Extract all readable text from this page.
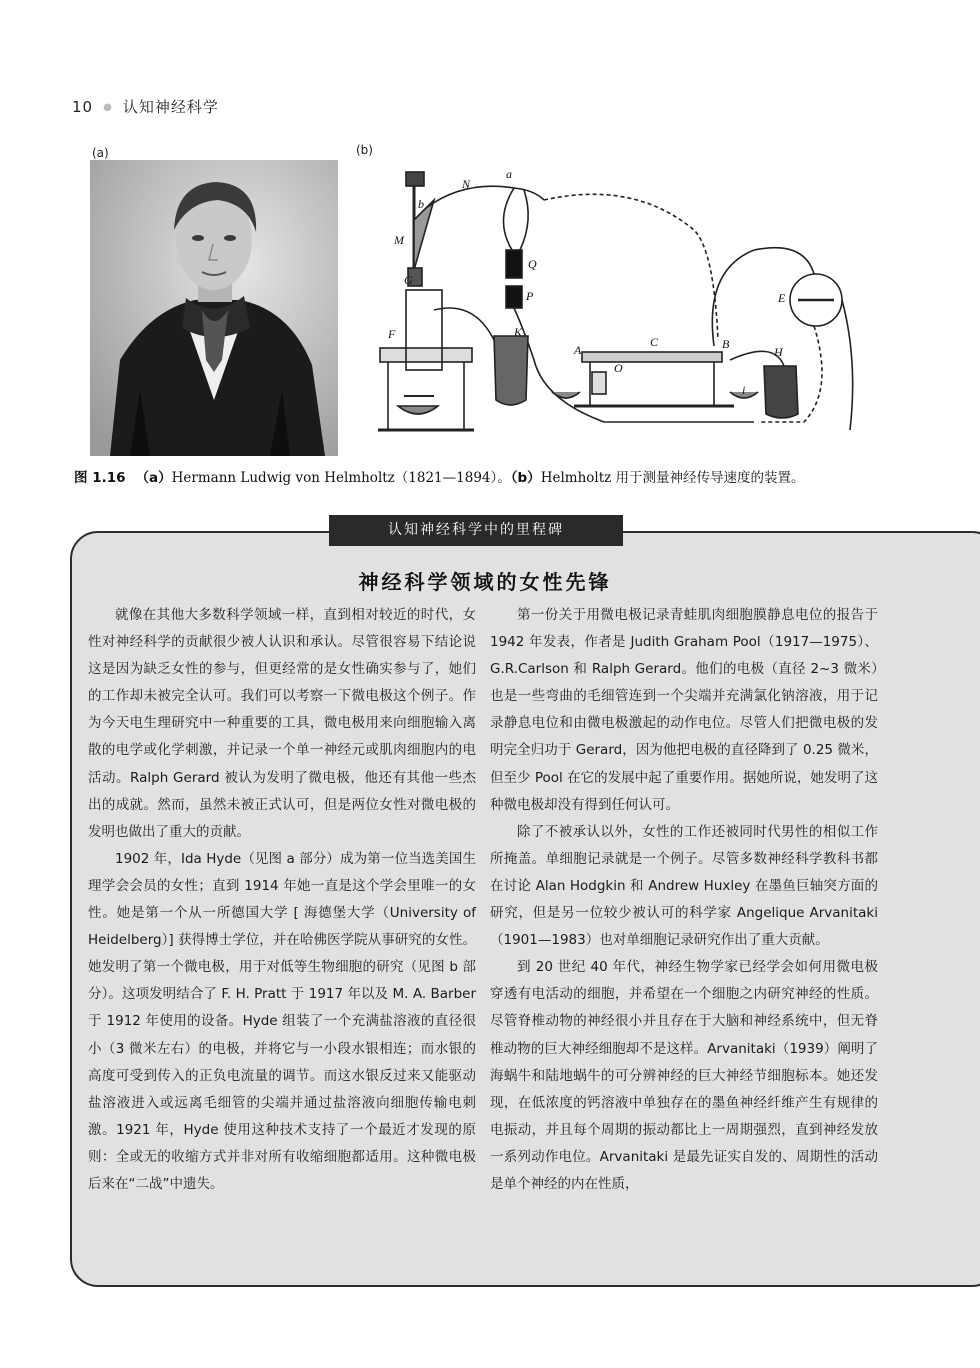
10 ● 认知神经科学
(a)	(b)
N
a
b
M
G
Q
P
F	K
A
C
O
B
H
E
i
图 1.16 （a）Hermann Ludwig von Helmholtz（1821—1894）。（b）Helmholtz 用于测量神经传导速度的装置。
认知神经科学中的里程碑
神经科学领域的女性先锋

就像在其他大多数科学领域一样，直到相对较近的时代，女性对神经科学的贡献很少被人认识和承认。尽管很容易下结论说这是因为缺乏女性的参与，但更经常的是女性确实参与了，她们的工作却未被完全认可。我们可以考察一下微电极这个例子。作为今天电生理研究中一种重要的工具，微电极用来向细胞输入离散的电学或化学刺激，并记录一个单一神经元或肌肉细胞内的电活动。Ralph Gerard 被认为发明了微电极，他还有其他一些杰出的成就。然而，虽然未被正式认可，但是两位女性对微电极的发明也做出了重大的贡献。

1902 年，Ida Hyde（见图 a 部分）成为第一位当选美国生理学会会员的女性；直到 1914 年她一直是这个学会里唯一的女性。她是第一个从一所德国大学 [ 海德堡大学（University of Heidelberg）] 获得博士学位，并在哈佛医学院从事研究的女性。她发明了第一个微电极，用于对低等生物细胞的研究（见图 b 部分）。这项发明结合了 F. H. Pratt 于 1917 年以及 M. A. Barber 于 1912 年使用的设备。Hyde 组装了一个充满盐溶液的直径很小（3 微米左右）的电极，并将它与一小段水银相连；而水银的高度可受到传入的正负电流量的调节。而这水银反过来又能驱动盐溶液进入或远离毛细管的尖端并通过盐溶液向细胞传输电刺激。1921 年，Hyde 使用这种技术支持了一个最近才发现的原则：全或无的收缩方式并非对所有收缩细胞都适用。这种微电极后来在“二战”中遗失。

第一份关于用微电极记录青蛙肌肉细胞膜静息电位的报告于 1942 年发表，作者是 Judith Graham Pool（1917—1975）、G.R.Carlson 和 Ralph Gerard。他们的电极（直径 2~3 微米）也是一些弯曲的毛细管连到一个尖端并充满氯化钠溶液，用于记录静息电位和由微电极激起的动作电位。尽管人们把微电极的发明完全归功于 Gerard，因为他把电极的直径降到了 0.25 微米，但至少 Pool 在它的发展中起了重要作用。据她所说，她发明了这种微电极却没有得到任何认可。

除了不被承认以外，女性的工作还被同时代男性的相似工作所掩盖。单细胞记录就是一个例子。尽管多数神经科学教科书都在讨论 Alan Hodgkin 和 Andrew Huxley 在墨鱼巨轴突方面的研究，但是另一位较少被认可的科学家 Angelique Arvanitaki（1901—1983）也对单细胞记录研究作出了重大贡献。

到 20 世纪 40 年代，神经生物学家已经学会如何用微电极穿透有电活动的细胞，并希望在一个细胞之内研究神经的性质。尽管脊椎动物的神经很小并且存在于大脑和神经系统中，但无脊椎动物的巨大神经细胞却不是这样。Arvanitaki（1939）阐明了海蜗牛和陆地蜗牛的可分辨神经的巨大神经节细胞标本。她还发现，在低浓度的钙溶液中单独存在的墨鱼神经纤维产生有规律的电振动，并且每个周期的振动都比上一周期强烈，直到神经发放一系列动作电位。Arvanitaki 是最先证实自发的、周期性的活动是单个神经的内在性质，
